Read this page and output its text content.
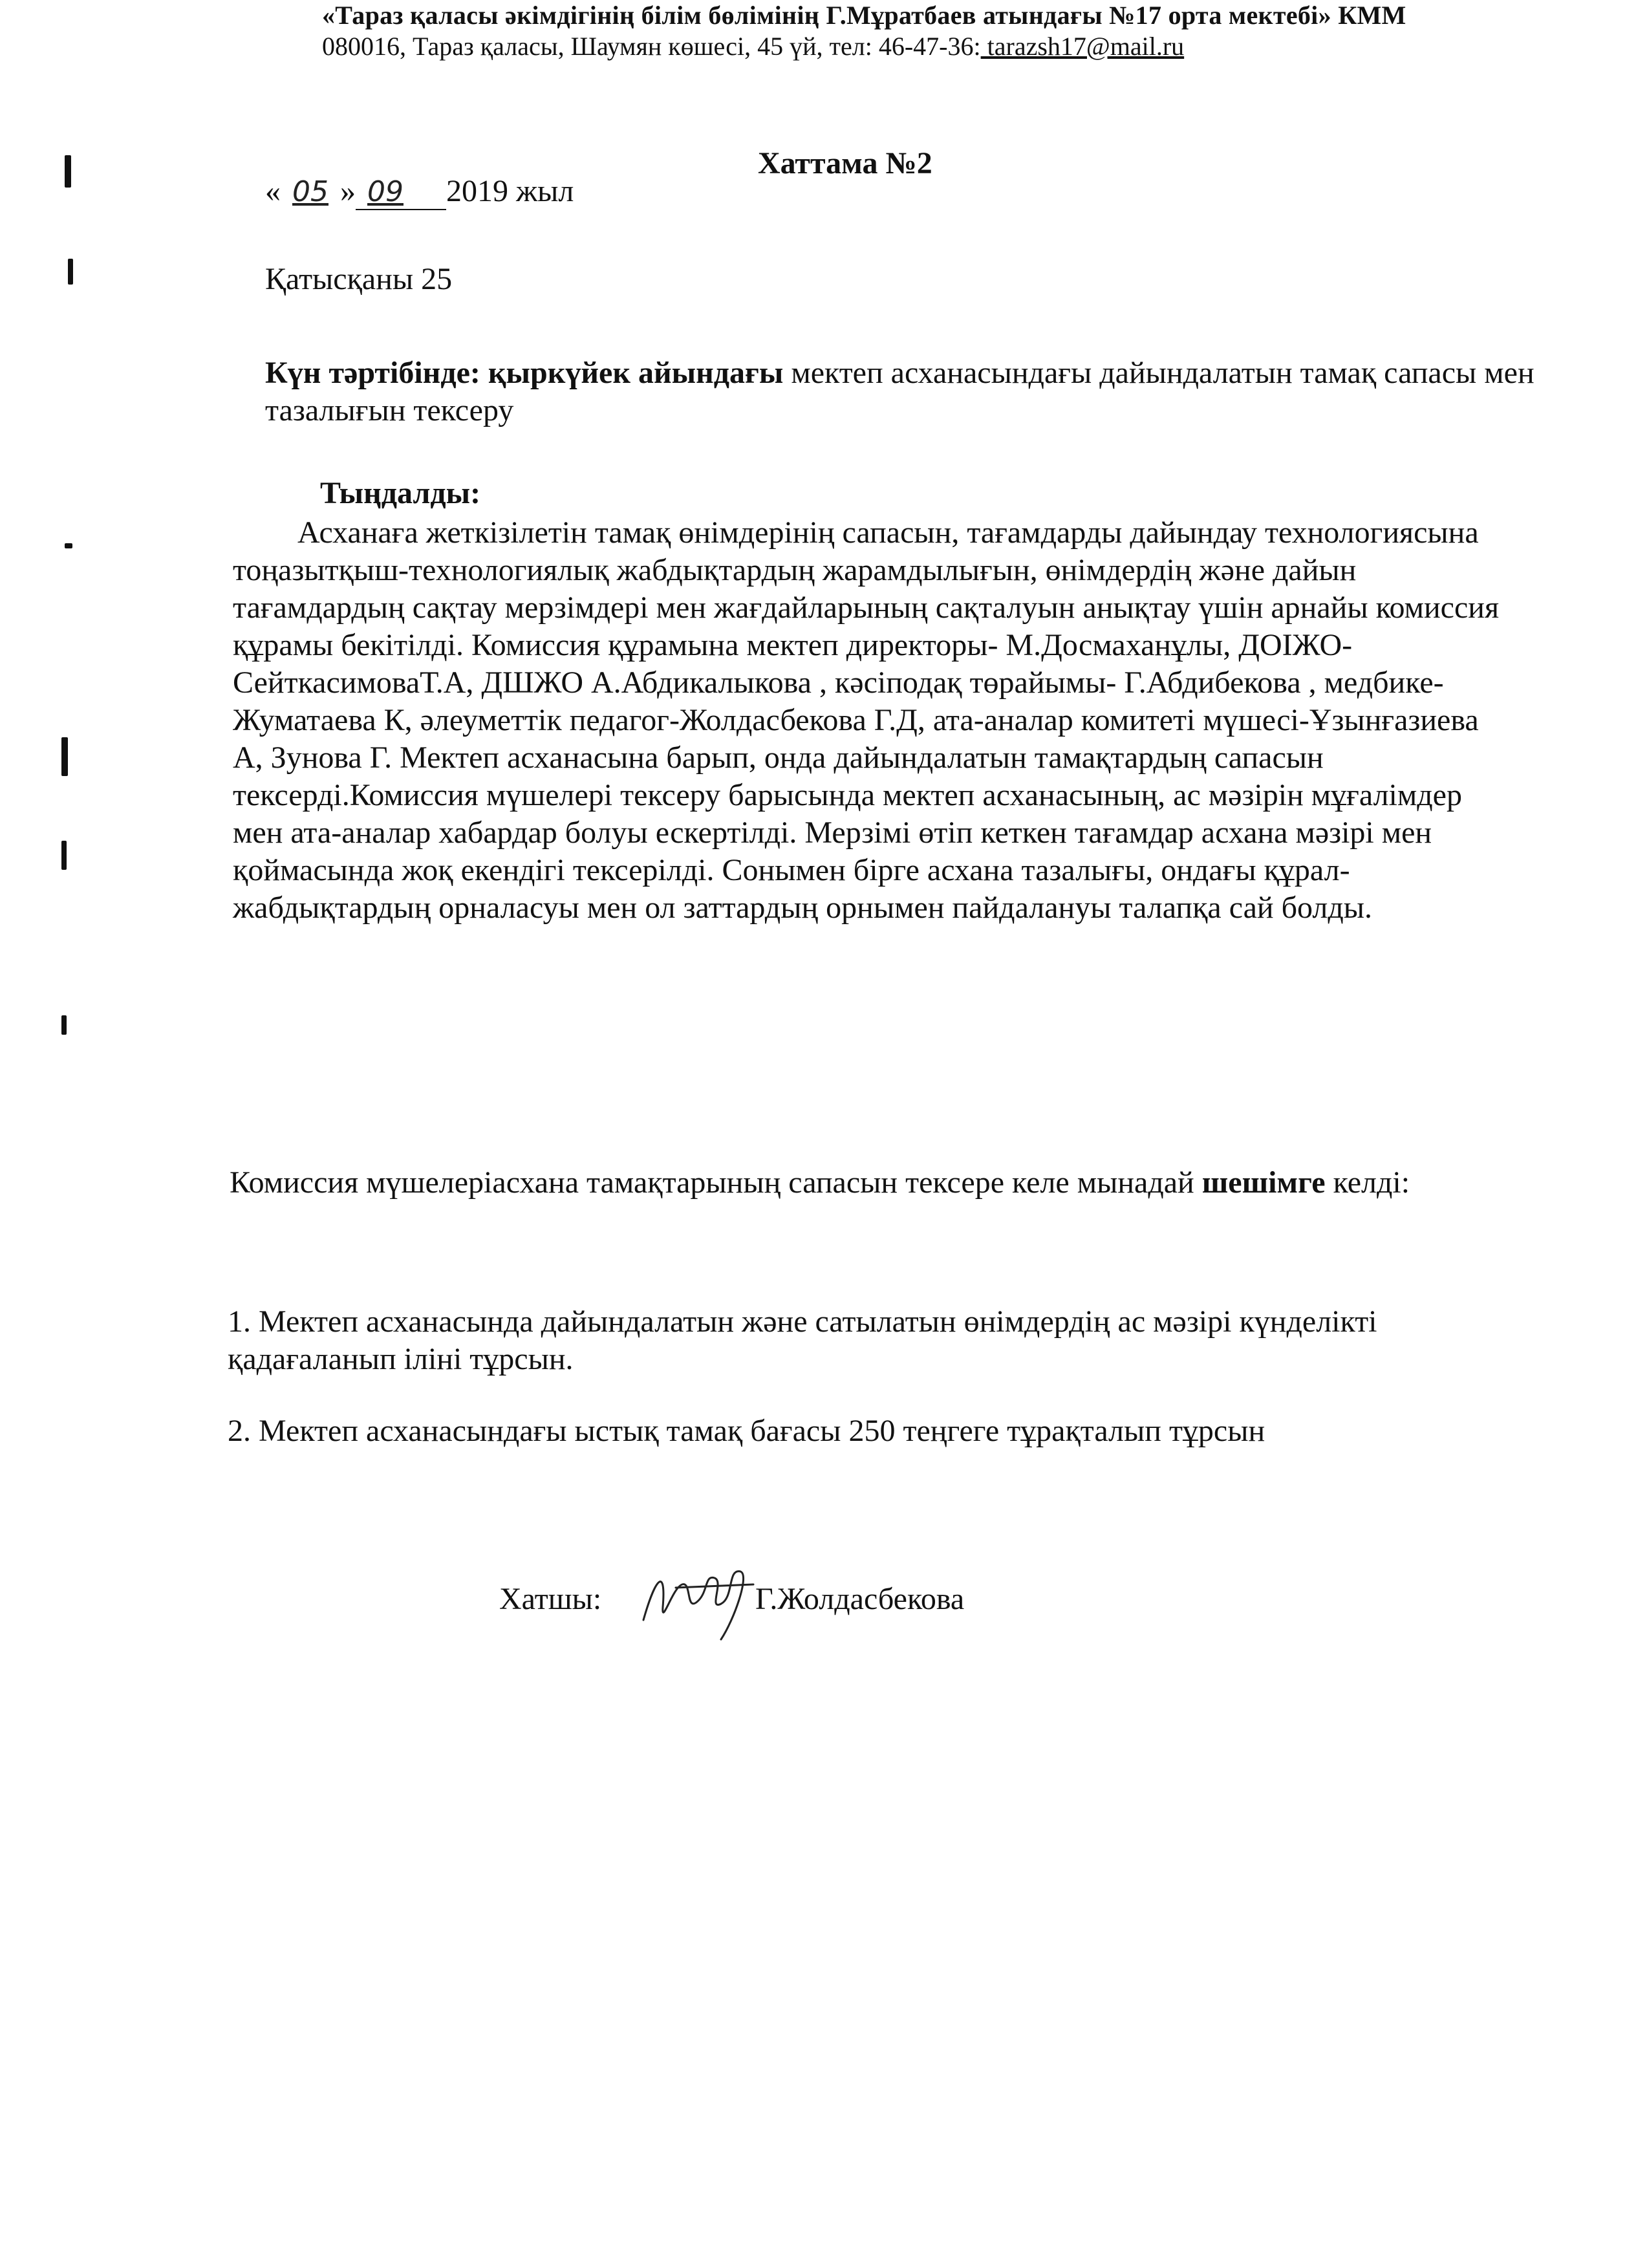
«Тараз қаласы әкімдігінің білім бөлімінің Г.Мұратбаев атындағы №17 орта мектебі» КММ
080016, Тараз қаласы, Шаумян көшесі, 45 үй, тел: 46-47-36: tarazsh17@mail.ru
Хаттама №2
« 05 » 09 2019 жыл
Қатысқаны 25
Күн тәртібінде: қыркүйек айындағы мектеп асханасындағы дайындалатын тамақ сапасы мен тазалығын тексеру
Тыңдалды:
Асханаға жеткізілетін тамақ өнімдерінің сапасын, тағамдарды дайындау технологиясына тоңазытқыш-технологиялық жабдықтардың жарамдылығын, өнімдердің және дайын тағамдардың сақтау мерзімдері мен жағдайларының сақталуын анықтау үшін арнайы комиссия құрамы бекітілді. Комиссия құрамына мектеп директоры- М.Досмаханұлы, ДОІЖО-СейткасимоваТ.А, ДШЖО А.Абдикалыкова , кәсіподақ төрайымы- Г.Абдибекова , медбике-Жуматаева К, әлеуметтік педагог-Жолдасбекова Г.Д, ата-аналар комитеті мүшесі-Ұзынғазиева А, Зунова Г. Мектеп асханасына барып, онда дайындалатын тамақтардың сапасын тексерді.Комиссия мүшелері тексеру барысында мектеп асханасының, ас мәзірін мұғалімдер мен ата-аналар хабардар болуы ескертілді. Мерзімі өтіп кеткен тағамдар асхана мәзірі мен қоймасында жоқ екендігі тексерілді. Сонымен бірге асхана тазалығы, ондағы құрал-жабдықтардың орналасуы мен ол заттардың орнымен пайдалануы талапқа сай болды.
Комиссия мүшелеріасхана тамақтарының сапасын тексере келе мынадай шешімге келді:
1. Мектеп асханасында дайындалатын және сатылатын өнімдердің ас мәзірі күнделікті қадағаланып іліні тұрсын.
2. Мектеп асханасындағы ыстық тамақ бағасы 250 теңгеге тұрақталып тұрсын
Хатшы:	Г.Жолдасбекова
